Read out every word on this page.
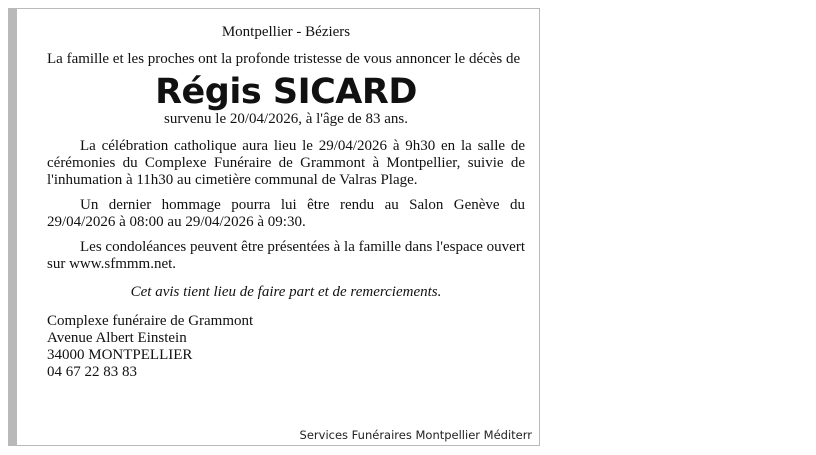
Montpellier - Béziers
La famille et les proches ont la profonde tristesse de vous annoncer le décès de
Régis SICARD
survenu le 20/04/2026, à l'âge de 83 ans.
La célébration catholique aura lieu le 29/04/2026 à 9h30 en la salle de cérémonies du Complexe Funéraire de Grammont à Montpellier, suivie de l'inhumation à 11h30 au cimetière communal de Valras Plage.
Un dernier hommage pourra lui être rendu au Salon Genève du 29/04/2026 à 08:00 au 29/04/2026 à 09:30.
Les condoléances peuvent être présentées à la famille dans l'espace ouvert sur www.sfmmm.net.
Cet avis tient lieu de faire part et de remerciements.
Complexe funéraire de Grammont
Avenue Albert Einstein
34000 MONTPELLIER
04 67 22 83 83
Services Funéraires Montpellier Méditerr
